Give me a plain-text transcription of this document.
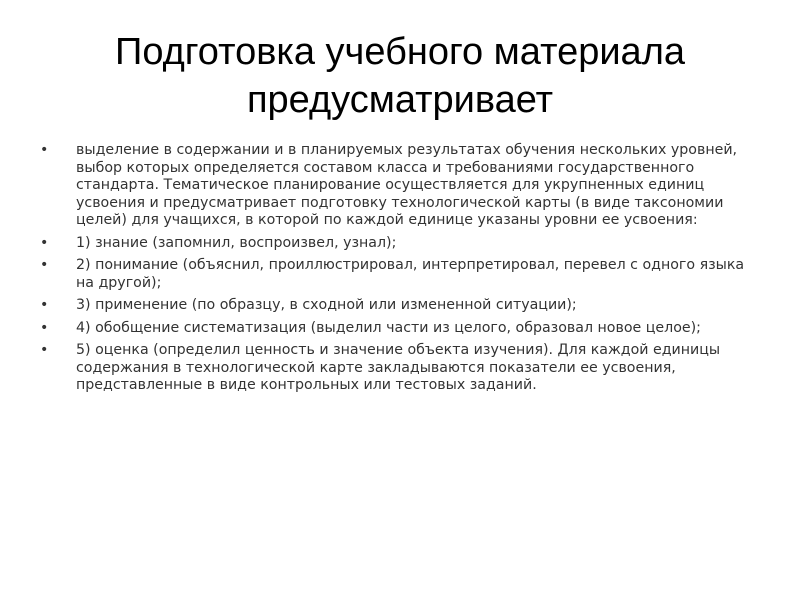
Подготовка учебного материала
предусматривает
•	выделение в содержании и в планируемых результатах обучения нескольких уровней, выбор которых определяется составом класса и требованиями государственного стандарта. Тематическое планирование осуществляется для укрупненных единиц усвоения и предусматривает подготовку технологической карты (в виде таксономии целей) для учащихся, в которой по каждой единице указаны уровни ее усвоения:
•	1) знание (запомнил, воспроизвел, узнал);
•	2) понимание (объяснил, проиллюстрировал, интерпретировал, перевел с одного языка на другой);
•	3) применение (по образцу, в сходной или измененной ситуации);
•	4) обобщение систематизация (выделил части из целого, образовал новое целое);
•	5) оценка (определил ценность и значение объекта изучения). Для каждой единицы содержания в технологической карте закладываются показатели ее усвоения, представленные в виде контрольных или тестовых заданий.
